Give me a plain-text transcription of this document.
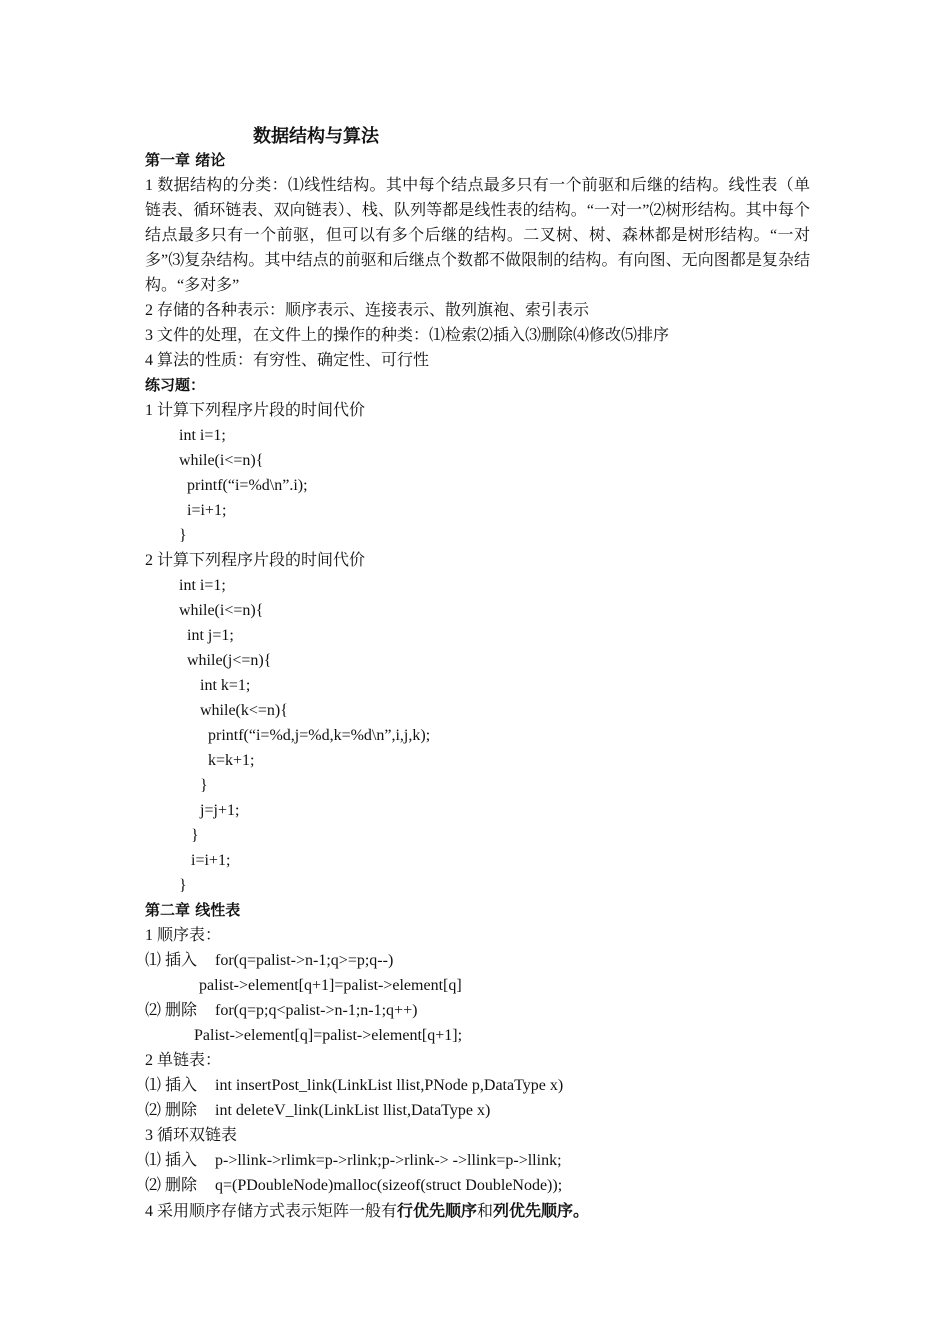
数据结构与算法
第一章 绪论
1 数据结构的分类：⑴线性结构。其中每个结点最多只有一个前驱和后继的结构。线性表（单链表、循环链表、双向链表）、栈、队列等都是线性表的结构。“一对一”⑵树形结构。其中每个结点最多只有一个前驱，但可以有多个后继的结构。二叉树、树、森林都是树形结构。“一对多”⑶复杂结构。其中结点的前驱和后继点个数都不做限制的结构。有向图、无向图都是复杂结构。“多对多”
2 存储的各种表示：顺序表示、连接表示、散列旗袍、索引表示
3 文件的处理，在文件上的操作的种类：⑴检索⑵插入⑶删除⑷修改⑸排序
4 算法的性质：有穷性、确定性、可行性
练习题：
1 计算下列程序片段的时间代价
int i=1;
while(i<=n){
printf(“i=%d\n”.i);
i=i+1;
}
2 计算下列程序片段的时间代价
int i=1;
while(i<=n){
int j=1;
while(j<=n){
int k=1;
while(k<=n){
printf(“i=%d,j=%d,k=%d\n”,i,j,k);
k=k+1;
}
j=j+1;
}
i=i+1;
}
第二章 线性表
1 顺序表：
⑴ 插入 for(q=palist->n-1;q>=p;q--)
palist->element[q+1]=palist->element[q]
⑵ 删除 for(q=p;q<palist->n-1;n-1;q++)
Palist->element[q]=palist->element[q+1];
2 单链表：
⑴ 插入 int insertPost_link(LinkList llist,PNode p,DataType x)
⑵ 删除 int deleteV_link(LinkList llist,DataType x)
3 循环双链表
⑴ 插入 p->llink->rlimk=p->rlink;p->rlink-> ->llink=p->llink;
⑵ 删除 q=(PDoubleNode)malloc(sizeof(struct DoubleNode));
4 采用顺序存储方式表示矩阵一般有行优先顺序和列优先顺序。
